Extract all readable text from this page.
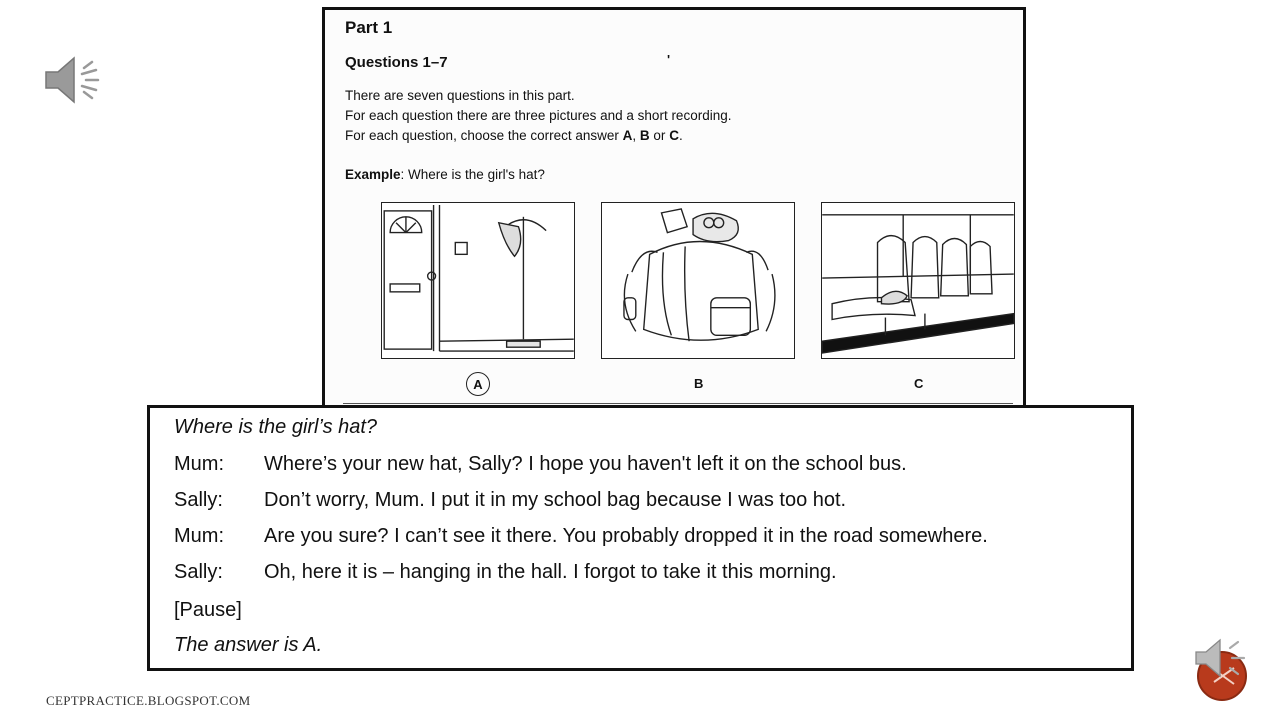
Part 1
Questions 1–7	'
There are seven questions in this part.
For each question there are three pictures and a short recording.
For each question, choose the correct answer A, B or C.
Example: Where is the girl's hat?
A	B	C
Where is the girl’s hat?
Mum: Where’s your new hat, Sally? I hope you haven't left it on the school bus.
Sally: Don’t worry, Mum. I put it in my school bag because I was too hot.
Mum: Are you sure? I can’t see it there. You probably dropped it in the road somewhere.
Sally: Oh, here it is – hanging in the hall. I forgot to take it this morning.
[Pause]
The answer is A.
CEPTPRACTICE.BLOGSPOT.COM
